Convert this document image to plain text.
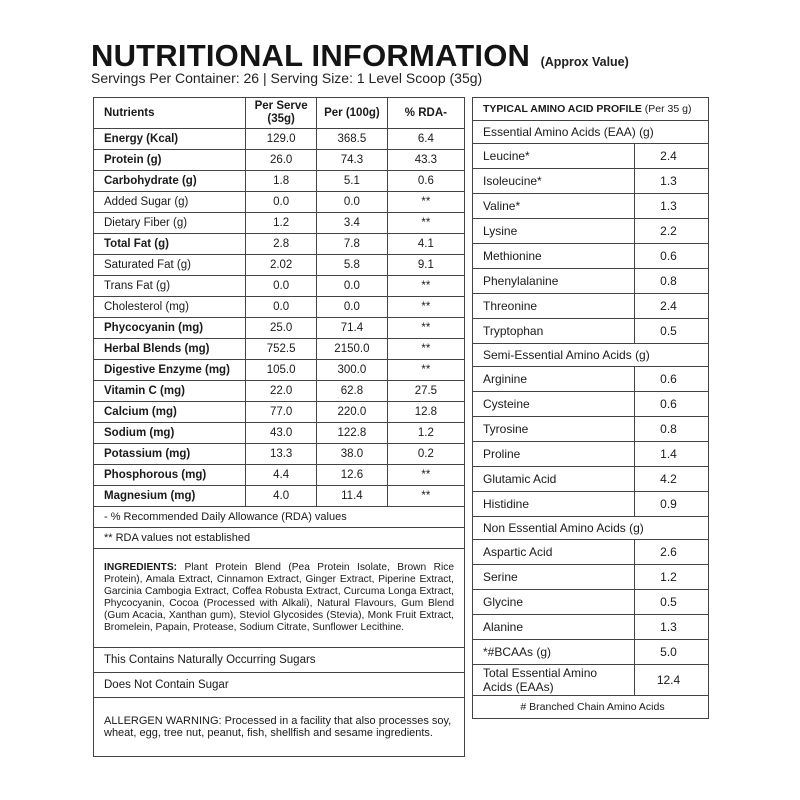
NUTRITIONAL INFORMATION (Approx Value)
Servings Per Container: 26 | Serving Size: 1 Level Scoop (35g)
Nutrients	Per Serve (35g)	Per (100g)	% RDA-
Energy (Kcal)	129.0	368.5	6.4
Protein (g)	26.0	74.3	43.3
Carbohydrate (g)	1.8	5.1	0.6
Added Sugar (g)	0.0	0.0	**
Dietary Fiber (g)	1.2	3.4	**
Total Fat (g)	2.8	7.8	4.1
Saturated Fat (g)	2.02	5.8	9.1
Trans Fat (g)	0.0	0.0	**
Cholesterol (mg)	0.0	0.0	**
Phycocyanin (mg)	25.0	71.4	**
Herbal Blends (mg)	752.5	2150.0	**
Digestive Enzyme (mg)	105.0	300.0	**
Vitamin C (mg)	22.0	62.8	27.5
Calcium (mg)	77.0	220.0	12.8
Sodium (mg)	43.0	122.8	1.2
Potassium (mg)	13.3	38.0	0.2
Phosphorous (mg)	4.4	12.6	**
Magnesium (mg)	4.0	11.4	**
- % Recommended Daily Allowance (RDA) values			
** RDA values not established			
INGREDIENTS: Plant Protein Blend (Pea Protein Isolate, Brown Rice Protein), Amala Extract, Cinnamon Extract, Ginger Extract, Piperine Extract, Garcinia Cambogia Extract, Coffea Robusta Extract, Curcuma Longa Extract, Phycocyanin, Cocoa (Processed with Alkali), Natural Flavours, Gum Blend (Gum Acacia, Xanthan gum), Steviol Glycosides (Stevia), Monk Fruit Extract, Bromelein, Papain, Protease, Sodium Citrate, Sunflower Lecithine.			
This Contains Naturally Occurring Sugars			
Does Not Contain Sugar			
ALLERGEN WARNING: Processed in a facility that also processes soy, wheat, egg, tree nut, peanut, fish, shellfish and sesame ingredients.			
TYPICAL AMINO ACID PROFILE (Per 35 g)	
Essential Amino Acids (EAA) (g)	
Leucine*	2.4
Isoleucine*	1.3
Valine*	1.3
Lysine	2.2
Methionine	0.6
Phenylalanine	0.8
Threonine	2.4
Tryptophan	0.5
Semi-Essential Amino Acids (g)	
Arginine	0.6
Cysteine	0.6
Tyrosine	0.8
Proline	1.4
Glutamic Acid	4.2
Histidine	0.9
Non Essential Amino Acids (g)	
Aspartic Acid	2.6
Serine	1.2
Glycine	0.5
Alanine	1.3
*#BCAAs (g)	5.0
Total Essential Amino Acids (EAAs)	12.4
# Branched Chain Amino Acids	
